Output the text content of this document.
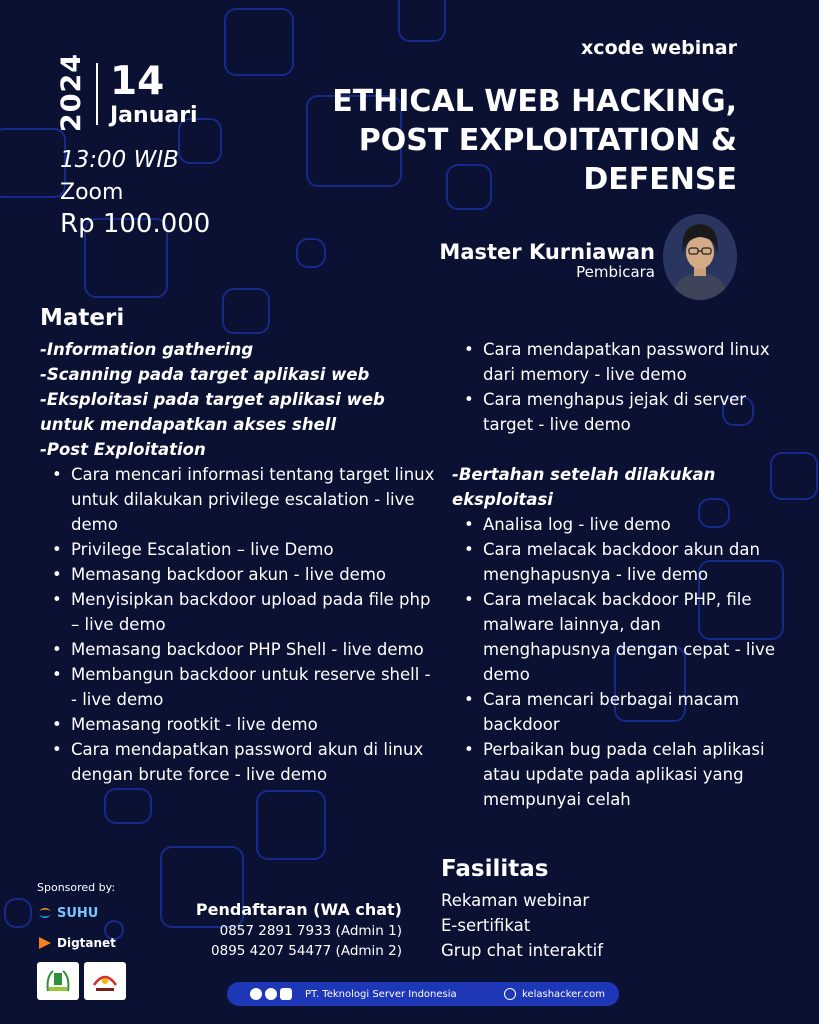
2024 14
Januari
13:00 WIB
Zoom
Rp 100.000
xcode webinar
ETHICAL WEB HACKING,
POST EXPLOITATION &
DEFENSE
Master Kurniawan
Pembicara
Materi
-Information gathering
-Scanning pada target aplikasi web
-Eksploitasi pada target aplikasi web untuk mendapatkan akses shell
-Post Exploitation
• Cara mencari informasi tentang target linux untuk dilakukan privilege escalation - live demo
• Privilege Escalation – live Demo
• Memasang backdoor akun - live demo
• Menyisipkan backdoor upload pada file php – live demo
• Memasang backdoor PHP Shell - live demo
• Membangun backdoor untuk reserve shell - - live demo
• Memasang rootkit - live demo
• Cara mendapatkan password akun di linux dengan brute force - live demo
• Cara mendapatkan password linux dari memory - live demo
• Cara menghapus jejak di server target - live demo
-Bertahan setelah dilakukan eksploitasi
• Analisa log - live demo
• Cara melacak backdoor akun dan menghapusnya - live demo
• Cara melacak backdoor PHP, file malware lainnya, dan menghapusnya dengan cepat - live demo
• Cara mencari berbagai macam backdoor
• Perbaikan bug pada celah aplikasi atau update pada aplikasi yang mempunyai celah
Sponsored by:
SUHU
Digtanet
Pendaftaran (WA chat)
0857 2891 7933 (Admin 1)
0895 4207 54477 (Admin 2)
Fasilitas
Rekaman webinar
E-sertifikat
Grup chat interaktif
PT. Teknologi Server Indonesia	kelashacker.com
